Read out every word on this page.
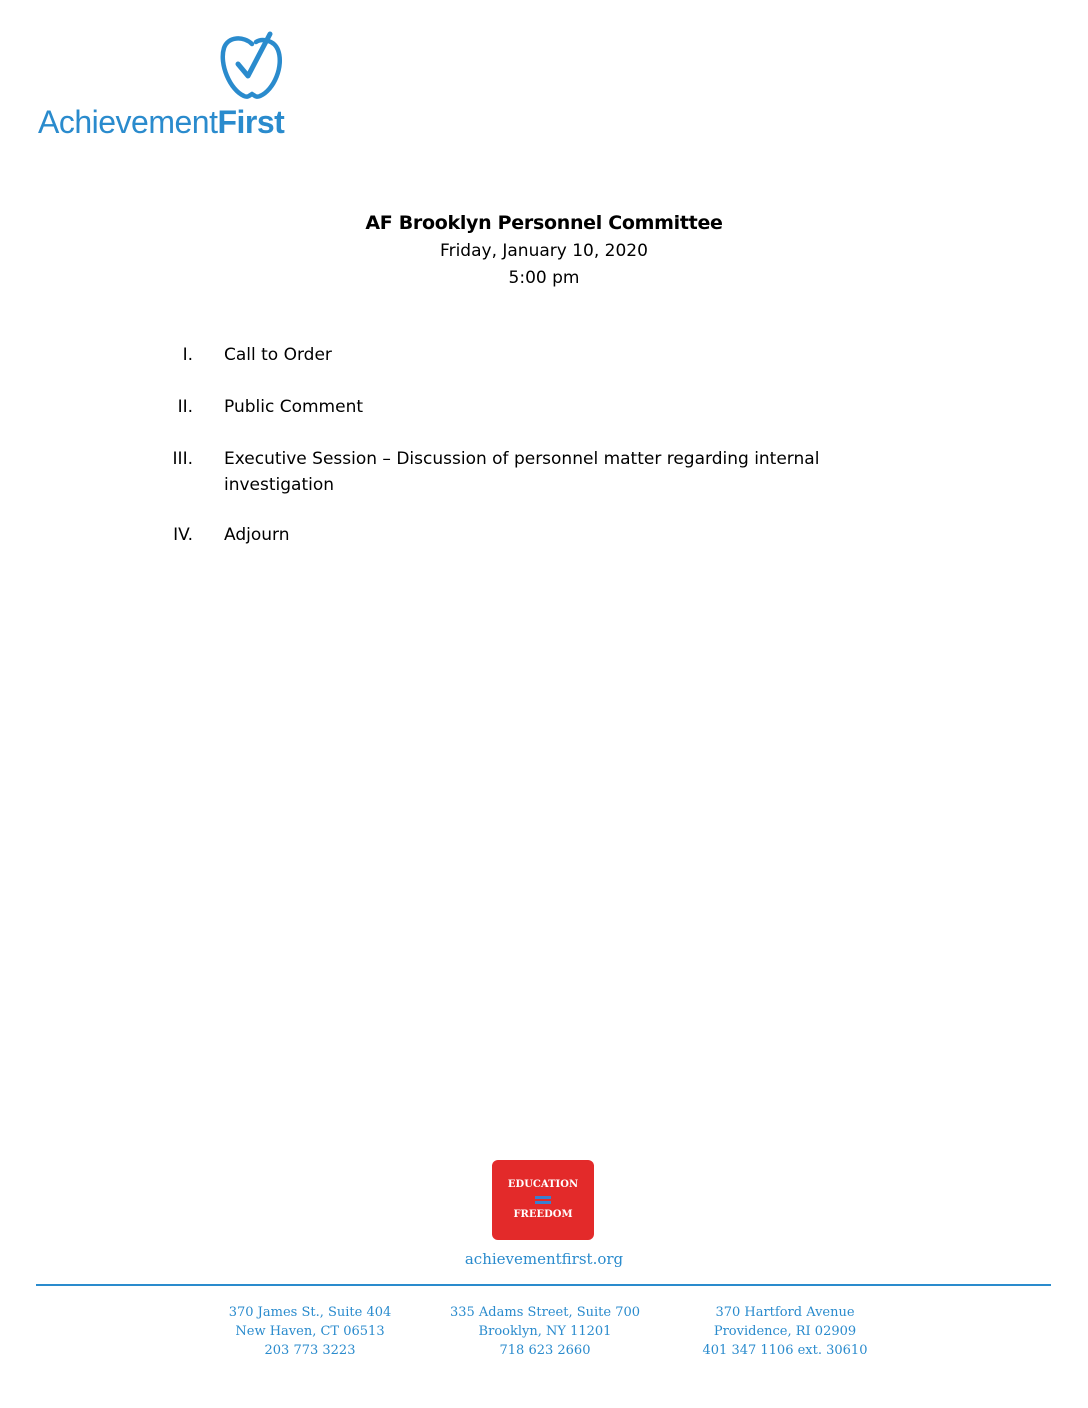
AchievementFirst
AF Brooklyn Personnel Committee
Friday, January 10, 2020
5:00 pm
I. Call to Order
II. Public Comment
III. Executive Session – Discussion of personnel matter regarding internal investigation
IV. Adjourn
EDUCATION
FREEDOM
achievementfirst.org
370 James St., Suite 404
New Haven, CT 06513
203 773 3223
335 Adams Street, Suite 700
Brooklyn, NY 11201
718 623 2660
370 Hartford Avenue
Providence, RI 02909
401 347 1106 ext. 30610
